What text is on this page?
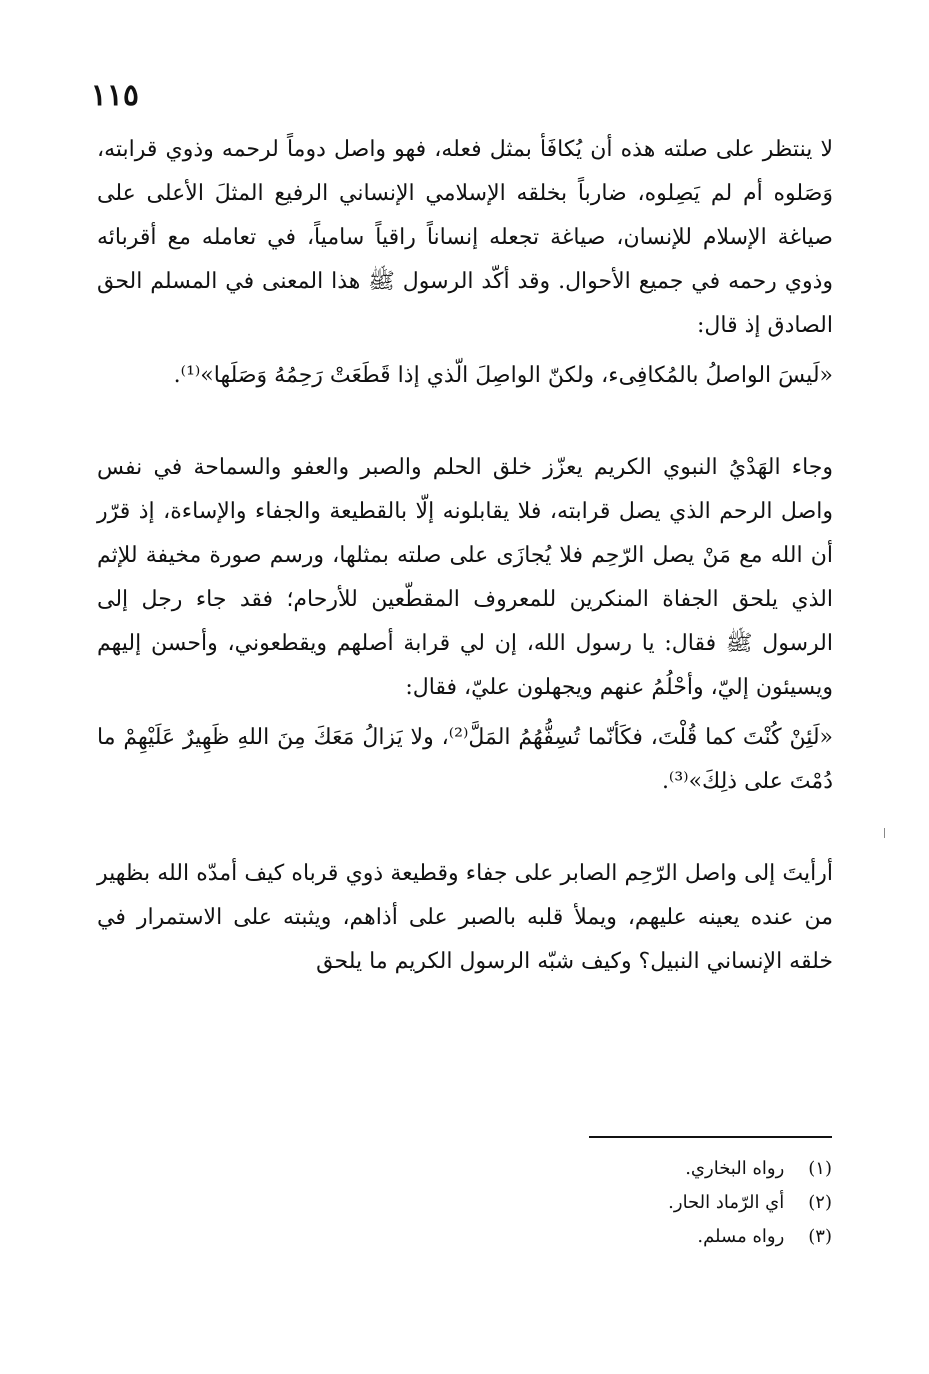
١١٥

لا ينتظر على صلته هذه أن يُكافَأ بمثل فعله، فهو واصل دوماً لرحمه وذوي قرابته، وَصَلوه أم لم يَصِلوه، ضارباً بخلقه الإسلامي الإنساني الرفيع المثلَ الأعلى على صياغة الإسلام للإنسان، صياغة تجعله إنساناً راقياً سامياً، في تعامله مع أقربائه وذوي رحمه في جميع الأحوال. وقد أكّد الرسول ﷺ هذا المعنى في المسلم الحق الصادق إذ قال:

«لَيسَ الواصلُ بالمُكافِىء، ولكنّ الواصِلَ الّذي إذا قَطَعَتْ رَحِمُهُ وَصَلَها»⁽¹⁾.

وجاء الهَدْيُ النبوي الكريم يعزّز خلق الحلم والصبر والعفو والسماحة في نفس واصل الرحم الذي يصل قرابته، فلا يقابلونه إلّا بالقطيعة والجفاء والإساءة، إذ قرّر أن الله مع مَنْ يصل الرّحِم فلا يُجازَى على صلته بمثلها، ورسم صورة مخيفة للإثم الذي يلحق الجفاة المنكرين للمعروف المقطّعين للأرحام؛ فقد جاء رجل إلى الرسول ﷺ فقال: يا رسول الله، إن لي قرابة أصلهم ويقطعوني، وأحسن إليهم ويسيئون إليّ، وأحْلُمُ عنهم ويجهلون عليّ، فقال:

«لَئِنْ كُنْتَ كما قُلْتَ، فكَأنّما تُسِفُّهُمُ المَلَّ⁽²⁾، ولا يَزالُ مَعَكَ مِنَ اللهِ ظَهِيرٌ عَلَيْهِمْ ما دُمْتَ على ذلِكَ»⁽³⁾.

أرأيتَ إلى واصل الرّحِم الصابر على جفاء وقطيعة ذوي قرباه كيف أمدّه الله بظهير من عنده يعينه عليهم، ويملأ قلبه بالصبر على أذاهم، ويثبته على الاستمرار في خلقه الإنساني النبيل؟ وكيف شبّه الرسول الكريم ما يلحق

(١) رواه البخاري.
(٢) أي الرّماد الحار.
(٣) رواه مسلم.
